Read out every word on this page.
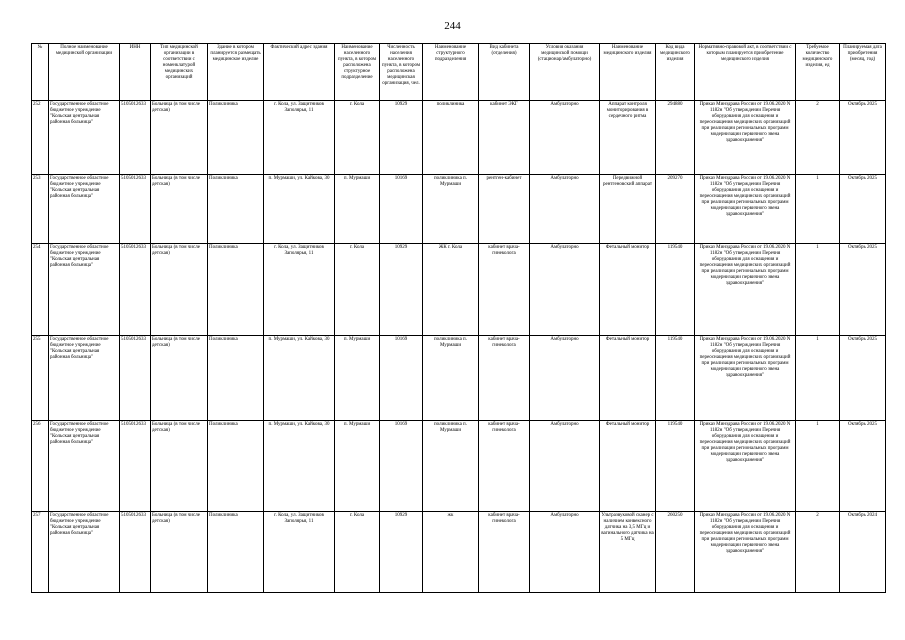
244
№	Полное наименование медицинской организации	ИНН	Тип медицинской организации в соответствии с номенклатурой медицинских организаций	Здание в котором планируется размещать медицинское изделие	Фактический адрес здания	Наименование населенного пункта, в котором расположена структурное подразделение	Численность населения населенного пункта, в котором расположена медицинская организация, чел.	Наименование структурного подразделения	Вид кабинета (отделения)	Условия оказания медицинской помощи (стационар/амбулаторно)	Наименование медицинского изделия	Код вида медицинского изделия	Нормативно-правовой акт, в соответствии с которым планируется приобретение медицинского изделия	Требуемое количество медицинского изделия, ед	Планируемая дата приобретения (месяц, год)
252	Государственное областное бюджетное учреждение "Кольская центральная районная больница"	5105012633	Больница (в том числе детская)	Поликлиника	г. Кола, ул. Защитников Заполярья, 11	г. Кола	10929	поликлиника	кабинет ЭКГ	Амбулаторно	Аппарат контроля мониторирования в сердечного ритма	294880	Приказ Минздрава России от 19.06.2020 N 1182н "Об утверждении Перечня оборудования для оснащения и переоснащения медицинских организаций при реализации региональных программ модернизации первичного звена здравоохранения"	2	Октябрь 2025
253	Государственное областное бюджетное учреждение "Кольская центральная районная больница"	5105012633	Больница (в том числе детская)	Поликлиника	п. Мурмаши, ул. Кайкова, 30	п. Мурмаши	10169	поликлиника п. Мурмаши	рентген-кабинет	Амбулаторно	Передвижной рентгеновский аппарат	209270	Приказ Минздрава России от 19.06.2020 N 1182н "Об утверждении Перечня оборудования для оснащения и переоснащения медицинских организаций при реализации региональных программ модернизации первичного звена здравоохранения"	1	Октябрь 2025
254	Государственное областное бюджетное учреждение "Кольская центральная районная больница"	5105012633	Больница (в том числе детская)	Поликлиника	г. Кола, ул. Защитников Заполярья, 11	г. Кола	10929	ЖК г. Кола	кабинет врача-гинеколога	Амбулаторно	Фетальный монитор	119540	Приказ Минздрава России от 19.06.2020 N 1182н "Об утверждении Перечня оборудования для оснащения и переоснащения медицинских организаций при реализации региональных программ модернизации первичного звена здравоохранения"	1	Октябрь 2025
255	Государственное областное бюджетное учреждение "Кольская центральная районная больница"	5105012633	Больница (в том числе детская)	Поликлиника	п. Мурмаши, ул. Кайкова, 30	п. Мурмаши	10169	поликлиника п. Мурмаши	кабинет врача-гинеколога	Амбулаторно	Фетальный монитор	119540	Приказ Минздрава России от 19.06.2020 N 1182н "Об утверждении Перечня оборудования для оснащения и переоснащения медицинских организаций при реализации региональных программ модернизации первичного звена здравоохранения"	1	Октябрь 2025
256	Государственное областное бюджетное учреждение "Кольская центральная районная больница"	5105012633	Больница (в том числе детская)	Поликлиника	п. Мурмаши, ул. Кайкова, 30	п. Мурмаши	10169	поликлиника п. Мурмаши	кабинет врача-гинеколога	Амбулаторно	Фетальный монитор	119540	Приказ Минздрава России от 19.06.2020 N 1182н "Об утверждении Перечня оборудования для оснащения и переоснащения медицинских организаций при реализации региональных программ модернизации первичного звена здравоохранения"	1	Октябрь 2025
257	Государственное областное бюджетное учреждение "Кольская центральная районная больница"	5105012633	Больница (в том числе детская)	Поликлиника	г. Кола, ул. Защитников Заполярья, 11	г. Кола	10929	жк	кабинет врача-гинеколога	Амбулаторно	Ультразвуковой сканер с наличием конвексного датчика на 3,5 МГц и вагинального датчика на 5 МГц	260250	Приказ Минздрава России от 19.06.2020 N 1182н "Об утверждении Перечня оборудования для оснащения и переоснащения медицинских организаций при реализации региональных программ модернизации первичного звена здравоохранения"	2	Октябрь 2024
